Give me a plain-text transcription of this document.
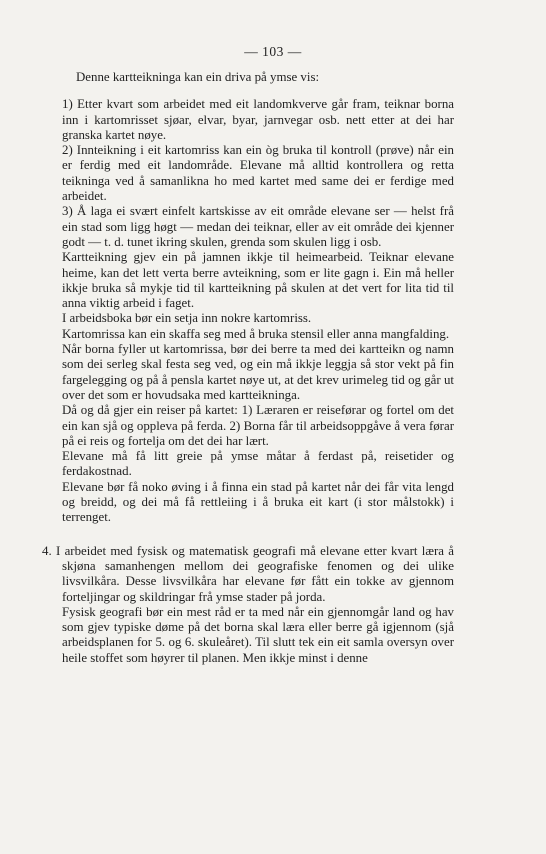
— 103 —

Denne kartteikninga kan ein driva på ymse vis:

1) Etter kvart som arbeidet med eit landomkverve går fram, teiknar borna inn i kartomrisset sjøar, elvar, byar, jarnvegar osb. nett etter at dei har granska kartet nøye.

2) Innteikning i eit kartomriss kan ein òg bruka til kontroll (prøve) når ein er ferdig med eit landområde. Elevane må alltid kontrollera og retta teikninga ved å samanlikna ho med kartet med same dei er ferdige med arbeidet.

3) Å laga ei svært einfelt kartskisse av eit område elevane ser — helst frå ein stad som ligg høgt — medan dei teiknar, eller av eit område dei kjenner godt — t. d. tunet ikring skulen, grenda som skulen ligg i osb.

Kartteikning gjev ein på jamnen ikkje til heimearbeid. Teiknar elevane heime, kan det lett verta berre avteikning, som er lite gagn i. Ein må heller ikkje bruka så mykje tid til kartteikning på skulen at det vert for lita tid til anna viktig arbeid i faget.

I arbeidsboka bør ein setja inn nokre kartomriss.

Kartomrissa kan ein skaffa seg med å bruka stensil eller anna mangfalding.

Når borna fyller ut kartomrissa, bør dei berre ta med dei kartteikn og namn som dei serleg skal festa seg ved, og ein må ikkje leggja så stor vekt på fin fargelegging og på å pensla kartet nøye ut, at det krev urimeleg tid og går ut over det som er hovudsaka med kartteikninga.

Då og då gjer ein reiser på kartet: 1) Læraren er reiseførar og fortel om det ein kan sjå og oppleva på ferda. 2) Borna får til arbeidsoppgåve å vera førar på ei reis og fortelja om det dei har lært.

Elevane må få litt greie på ymse måtar å ferdast på, reisetider og ferdakostnad.

Elevane bør få noko øving i å finna ein stad på kartet når dei får vita lengd og breidd, og dei må få rettleiing i å bruka eit kart (i stor målstokk) i terrenget.

4. I arbeidet med fysisk og matematisk geografi må elevane etter kvart læra å skjøna samanhengen mellom dei geografiske fenomen og dei ulike livsvilkåra. Desse livsvilkåra har elevane før fått ein tokke av gjennom forteljingar og skildringar frå ymse stader på jorda.

Fysisk geografi bør ein mest råd er ta med når ein gjennomgår land og hav som gjev typiske døme på det borna skal læra eller berre gå igjennom (sjå arbeidsplanen for 5. og 6. skuleåret). Til slutt tek ein eit samla oversyn over heile stoffet som høyrer til planen. Men ikkje minst i denne
